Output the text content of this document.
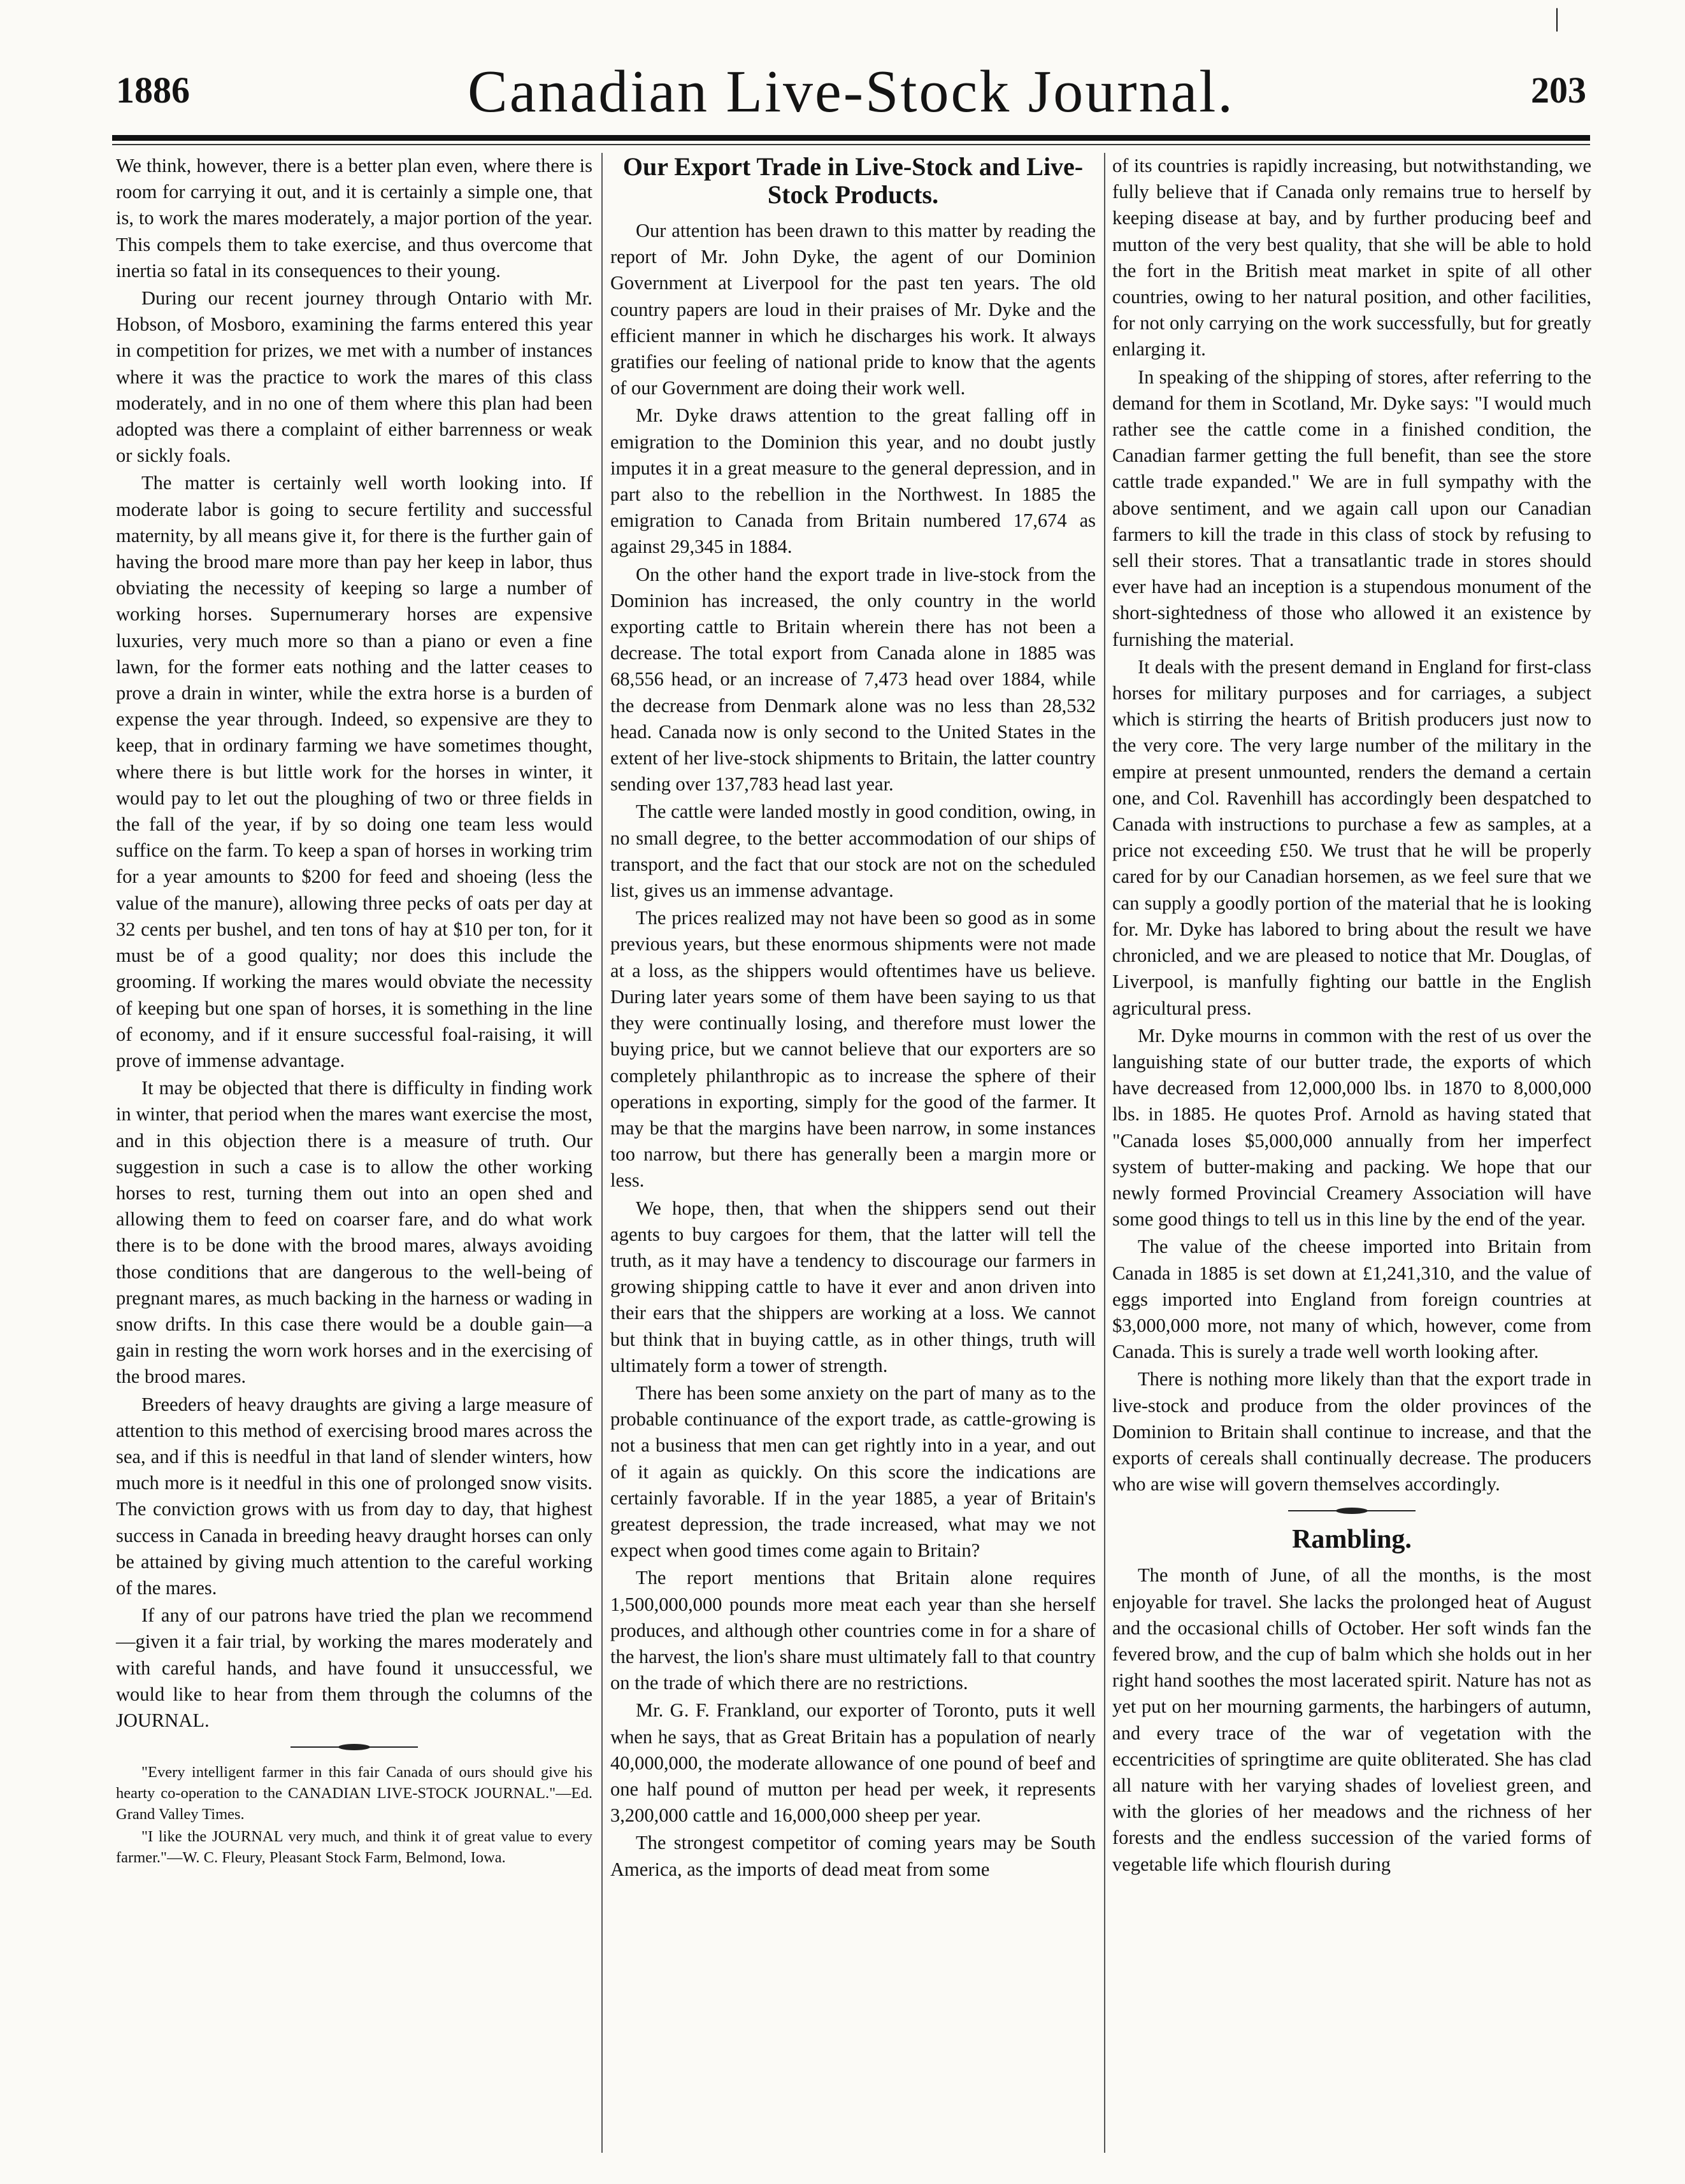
|
1886	Canadian Live-Stock Journal.	203

We think, however, there is a better plan even, where there is room for carrying it out, and it is certainly a simple one, that is, to work the mares moderately, a major portion of the year. This compels them to take exercise, and thus overcome that inertia so fatal in its consequences to their young.

During our recent journey through Ontario with Mr. Hobson, of Mosboro, examining the farms entered this year in competition for prizes, we met with a number of instances where it was the practice to work the mares of this class moderately, and in no one of them where this plan had been adopted was there a complaint of either barrenness or weak or sickly foals.

The matter is certainly well worth looking into. If moderate labor is going to secure fertility and successful maternity, by all means give it, for there is the further gain of having the brood mare more than pay her keep in labor, thus obviating the necessity of keeping so large a number of working horses. Supernumerary horses are expensive luxuries, very much more so than a piano or even a fine lawn, for the former eats nothing and the latter ceases to prove a drain in winter, while the extra horse is a burden of expense the year through. Indeed, so expensive are they to keep, that in ordinary farming we have sometimes thought, where there is but little work for the horses in winter, it would pay to let out the ploughing of two or three fields in the fall of the year, if by so doing one team less would suffice on the farm. To keep a span of horses in working trim for a year amounts to $200 for feed and shoeing (less the value of the manure), allowing three pecks of oats per day at 32 cents per bushel, and ten tons of hay at $10 per ton, for it must be of a good quality; nor does this include the grooming. If working the mares would obviate the necessity of keeping but one span of horses, it is something in the line of economy, and if it ensure successful foal-raising, it will prove of immense advantage.

It may be objected that there is difficulty in finding work in winter, that period when the mares want exercise the most, and in this objection there is a measure of truth. Our suggestion in such a case is to allow the other working horses to rest, turning them out into an open shed and allowing them to feed on coarser fare, and do what work there is to be done with the brood mares, always avoiding those conditions that are dangerous to the well-being of pregnant mares, as much backing in the harness or wading in snow drifts. In this case there would be a double gain—a gain in resting the worn work horses and in the exercising of the brood mares.

Breeders of heavy draughts are giving a large measure of attention to this method of exercising brood mares across the sea, and if this is needful in that land of slender winters, how much more is it needful in this one of prolonged snow visits. The conviction grows with us from day to day, that highest success in Canada in breeding heavy draught horses can only be attained by giving much attention to the careful working of the mares.

If any of our patrons have tried the plan we recommend—given it a fair trial, by working the mares moderately and with careful hands, and have found it unsuccessful, we would like to hear from them through the columns of the JOURNAL.

"Every intelligent farmer in this fair Canada of ours should give his hearty co-operation to the CANADIAN LIVE-STOCK JOURNAL."—Ed. Grand Valley Times.

"I like the JOURNAL very much, and think it of great value to every farmer."—W. C. Fleury, Pleasant Stock Farm, Belmond, Iowa.

Our Export Trade in Live-Stock and Live-Stock Products.

Our attention has been drawn to this matter by reading the report of Mr. John Dyke, the agent of our Dominion Government at Liverpool for the past ten years. The old country papers are loud in their praises of Mr. Dyke and the efficient manner in which he discharges his work. It always gratifies our feeling of national pride to know that the agents of our Government are doing their work well.

Mr. Dyke draws attention to the great falling off in emigration to the Dominion this year, and no doubt justly imputes it in a great measure to the general depression, and in part also to the rebellion in the Northwest. In 1885 the emigration to Canada from Britain numbered 17,674 as against 29,345 in 1884.

On the other hand the export trade in live-stock from the Dominion has increased, the only country in the world exporting cattle to Britain wherein there has not been a decrease. The total export from Canada alone in 1885 was 68,556 head, or an increase of 7,473 head over 1884, while the decrease from Denmark alone was no less than 28,532 head. Canada now is only second to the United States in the extent of her live-stock shipments to Britain, the latter country sending over 137,783 head last year.

The cattle were landed mostly in good condition, owing, in no small degree, to the better accommodation of our ships of transport, and the fact that our stock are not on the scheduled list, gives us an immense advantage.

The prices realized may not have been so good as in some previous years, but these enormous shipments were not made at a loss, as the shippers would oftentimes have us believe. During later years some of them have been saying to us that they were continually losing, and therefore must lower the buying price, but we cannot believe that our exporters are so completely philanthropic as to increase the sphere of their operations in exporting, simply for the good of the farmer. It may be that the margins have been narrow, in some instances too narrow, but there has generally been a margin more or less.

We hope, then, that when the shippers send out their agents to buy cargoes for them, that the latter will tell the truth, as it may have a tendency to discourage our farmers in growing shipping cattle to have it ever and anon driven into their ears that the shippers are working at a loss. We cannot but think that in buying cattle, as in other things, truth will ultimately form a tower of strength.

There has been some anxiety on the part of many as to the probable continuance of the export trade, as cattle-growing is not a business that men can get rightly into in a year, and out of it again as quickly. On this score the indications are certainly favorable. If in the year 1885, a year of Britain's greatest depression, the trade increased, what may we not expect when good times come again to Britain?

The report mentions that Britain alone requires 1,500,000,000 pounds more meat each year than she herself produces, and although other countries come in for a share of the harvest, the lion's share must ultimately fall to that country on the trade of which there are no restrictions.

Mr. G. F. Frankland, our exporter of Toronto, puts it well when he says, that as Great Britain has a population of nearly 40,000,000, the moderate allowance of one pound of beef and one half pound of mutton per head per week, it represents 3,200,000 cattle and 16,000,000 sheep per year.

The strongest competitor of coming years may be South America, as the imports of dead meat from some

of its countries is rapidly increasing, but notwithstanding, we fully believe that if Canada only remains true to herself by keeping disease at bay, and by further producing beef and mutton of the very best quality, that she will be able to hold the fort in the British meat market in spite of all other countries, owing to her natural position, and other facilities, for not only carrying on the work successfully, but for greatly enlarging it.

In speaking of the shipping of stores, after referring to the demand for them in Scotland, Mr. Dyke says: "I would much rather see the cattle come in a finished condition, the Canadian farmer getting the full benefit, than see the store cattle trade expanded." We are in full sympathy with the above sentiment, and we again call upon our Canadian farmers to kill the trade in this class of stock by refusing to sell their stores. That a transatlantic trade in stores should ever have had an inception is a stupendous monument of the short-sightedness of those who allowed it an existence by furnishing the material.

It deals with the present demand in England for first-class horses for military purposes and for carriages, a subject which is stirring the hearts of British producers just now to the very core. The very large number of the military in the empire at present unmounted, renders the demand a certain one, and Col. Ravenhill has accordingly been despatched to Canada with instructions to purchase a few as samples, at a price not exceeding £50. We trust that he will be properly cared for by our Canadian horsemen, as we feel sure that we can supply a goodly portion of the material that he is looking for. Mr. Dyke has labored to bring about the result we have chronicled, and we are pleased to notice that Mr. Douglas, of Liverpool, is manfully fighting our battle in the English agricultural press.

Mr. Dyke mourns in common with the rest of us over the languishing state of our butter trade, the exports of which have decreased from 12,000,000 lbs. in 1870 to 8,000,000 lbs. in 1885. He quotes Prof. Arnold as having stated that "Canada loses $5,000,000 annually from her imperfect system of butter-making and packing. We hope that our newly formed Provincial Creamery Association will have some good things to tell us in this line by the end of the year.

The value of the cheese imported into Britain from Canada in 1885 is set down at £1,241,310, and the value of eggs imported into England from foreign countries at $3,000,000 more, not many of which, however, come from Canada. This is surely a trade well worth looking after.

There is nothing more likely than that the export trade in live-stock and produce from the older provinces of the Dominion to Britain shall continue to increase, and that the exports of cereals shall continually decrease. The producers who are wise will govern themselves accordingly.

Rambling.

The month of June, of all the months, is the most enjoyable for travel. She lacks the prolonged heat of August and the occasional chills of October. Her soft winds fan the fevered brow, and the cup of balm which she holds out in her right hand soothes the most lacerated spirit. Nature has not as yet put on her mourning garments, the harbingers of autumn, and every trace of the war of vegetation with the eccentricities of springtime are quite obliterated. She has clad all nature with her varying shades of loveliest green, and with the glories of her meadows and the richness of her forests and the endless succession of the varied forms of vegetable life which flourish during
